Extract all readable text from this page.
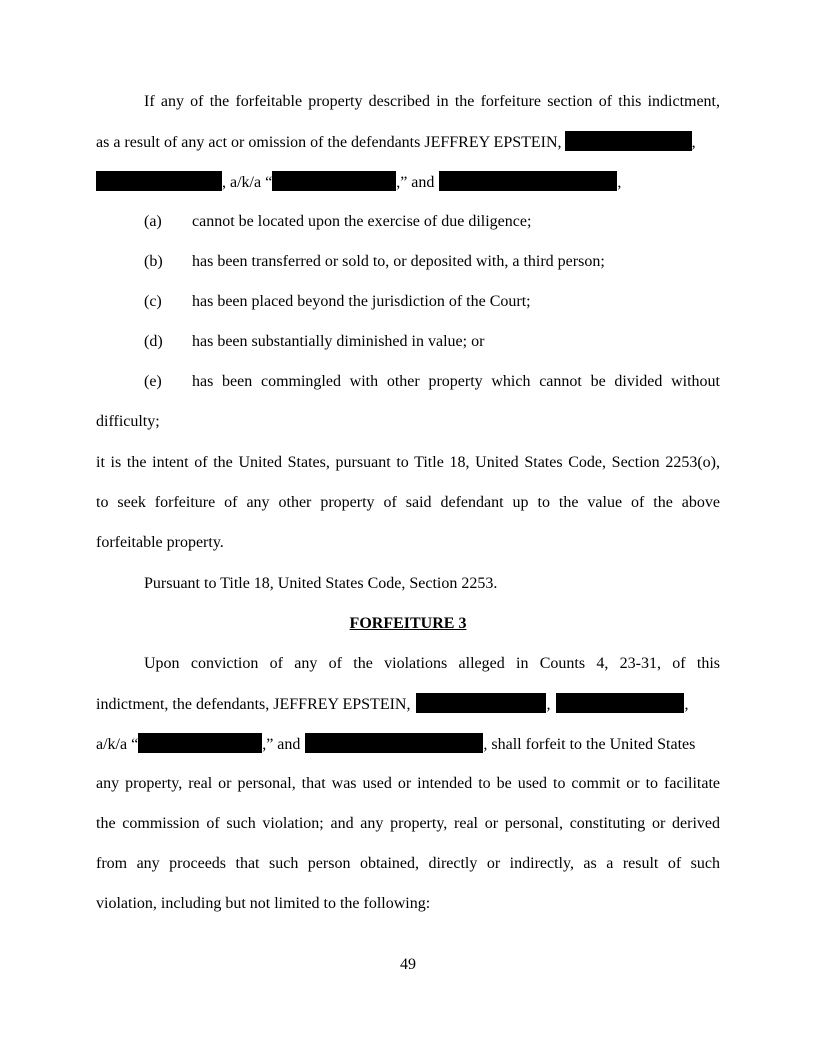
If any of the forfeitable property described in the forfeiture section of this indictment,
as a result of any act or omission of the defendants JEFFREY EPSTEIN,	,
, a/k/a “	,” and	,
(a) cannot be located upon the exercise of due diligence;
(b) has been transferred or sold to, or deposited with, a third person;
(c) has been placed beyond the jurisdiction of the Court;
(d) has been substantially diminished in value; or
(e)	has been commingled with other property which cannot be divided without
difficulty;
it is the intent of the United States, pursuant to Title 18, United States Code, Section 2253(o),
to seek forfeiture of any other property of said defendant up to the value of the above
forfeitable property.
Pursuant to Title 18, United States Code, Section 2253.
FORFEITURE 3
Upon conviction of any of the violations alleged in Counts 4, 23-31, of this
indictment, the defendants, JEFFREY EPSTEIN,	,	,
a/k/a “	,” and	, shall forfeit to the United States
any property, real or personal, that was used or intended to be used to commit or to facilitate
the commission of such violation; and any property, real or personal, constituting or derived
from any proceeds that such person obtained, directly or indirectly, as a result of such
violation, including but not limited to the following:
49
